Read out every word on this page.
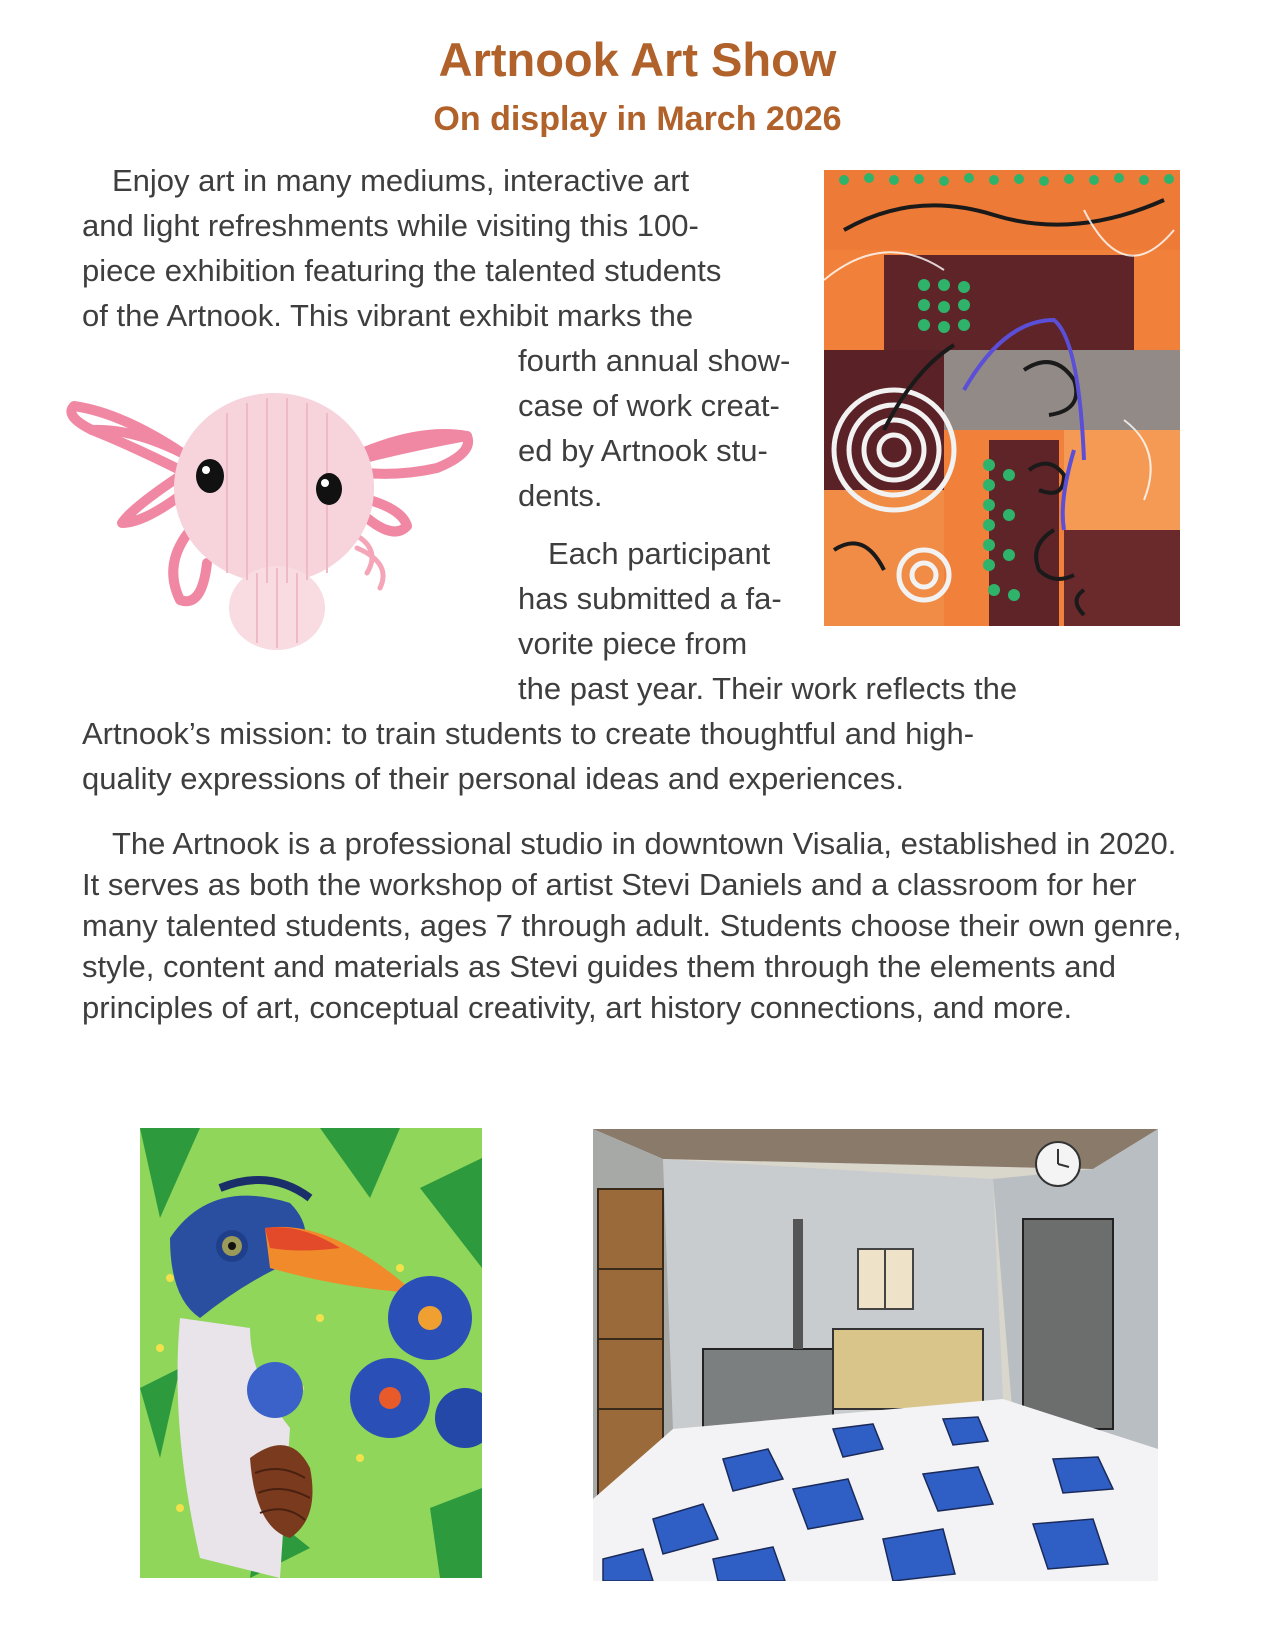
Artnook Art Show
On display in March 2026
Enjoy art in many mediums, interactive art
and light refreshments while visiting this 100-
piece exhibition featuring the talented students
of the Artnook. This vibrant exhibit marks the
fourth annual show-
case of work creat-
ed by Artnook stu-
dents.
Each participant
has submitted a fa-
vorite piece from
the past year. Their work reflects the
Artnook’s mission: to train students to create thoughtful and high-
quality expressions of their personal ideas and experiences.
The Artnook is a professional studio in downtown Visalia, established in 2020. It serves as both the workshop of artist Stevi Daniels and a classroom for her many talented students, ages 7 through adult. Students choose their own genre, style, content and materials as Stevi guides them through the elements and principles of art, conceptual creativity, art history connections, and more.
